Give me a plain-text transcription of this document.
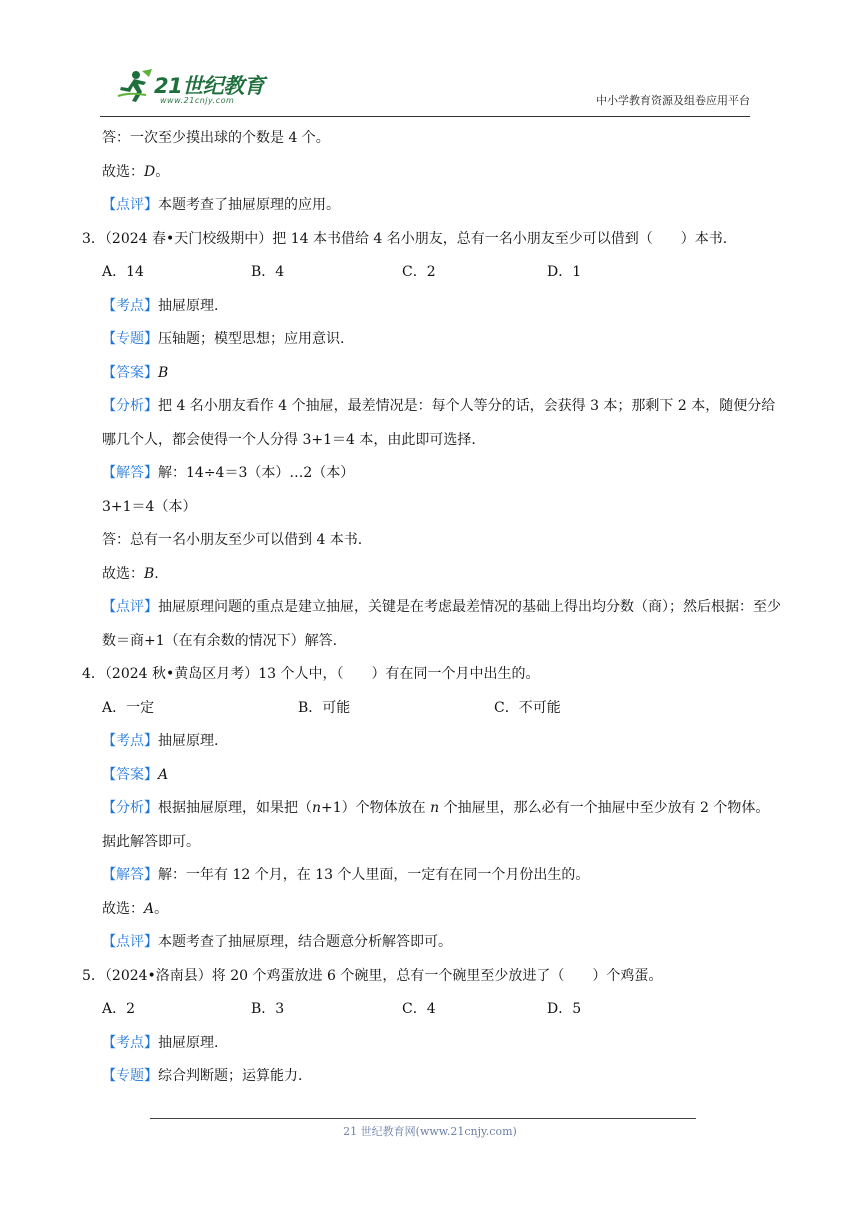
21世纪教育
www.21cnjy.com	中小学教育资源及组卷应用平台
答：一次至少摸出球的个数是 4 个。
故选：D。
【点评】本题考查了抽屉原理的应用。
3．（2024 春•天门校级期中）把 14 本书借给 4 名小朋友，总有一名小朋友至少可以借到（　　）本书.
A．14	B．4	C．2	D．1
【考点】抽屉原理.
【专题】压轴题；模型思想；应用意识.
【答案】B
【分析】把 4 名小朋友看作 4 个抽屉，最差情况是：每个人等分的话，会获得 3 本；那剩下 2 本，随便分给哪几个人，都会使得一个人分得 3+1＝4 本，由此即可选择.
【解答】解：14÷4＝3（本）…2（本）
3+1＝4（本）
答：总有一名小朋友至少可以借到 4 本书.
故选：B.
【点评】抽屉原理问题的重点是建立抽屉，关键是在考虑最差情况的基础上得出均分数（商）；然后根据：至少数＝商+1（在有余数的情况下）解答.
4．（2024 秋•黄岛区月考）13 个人中，（　　）有在同一个月中出生的。
A．一定	B．可能	C．不可能
【考点】抽屉原理.
【答案】A
【分析】根据抽屉原理，如果把（n+1）个物体放在 n 个抽屉里，那么必有一个抽屉中至少放有 2 个物体。据此解答即可。
【解答】解：一年有 12 个月，在 13 个人里面，一定有在同一个月份出生的。
故选：A。
【点评】本题考查了抽屉原理，结合题意分析解答即可。
5．（2024•洛南县）将 20 个鸡蛋放进 6 个碗里，总有一个碗里至少放进了（　　）个鸡蛋。
A．2	B．3	C．4	D．5
【考点】抽屉原理.
【专题】综合判断题；运算能力.
21 世纪教育网(www.21cnjy.com)
